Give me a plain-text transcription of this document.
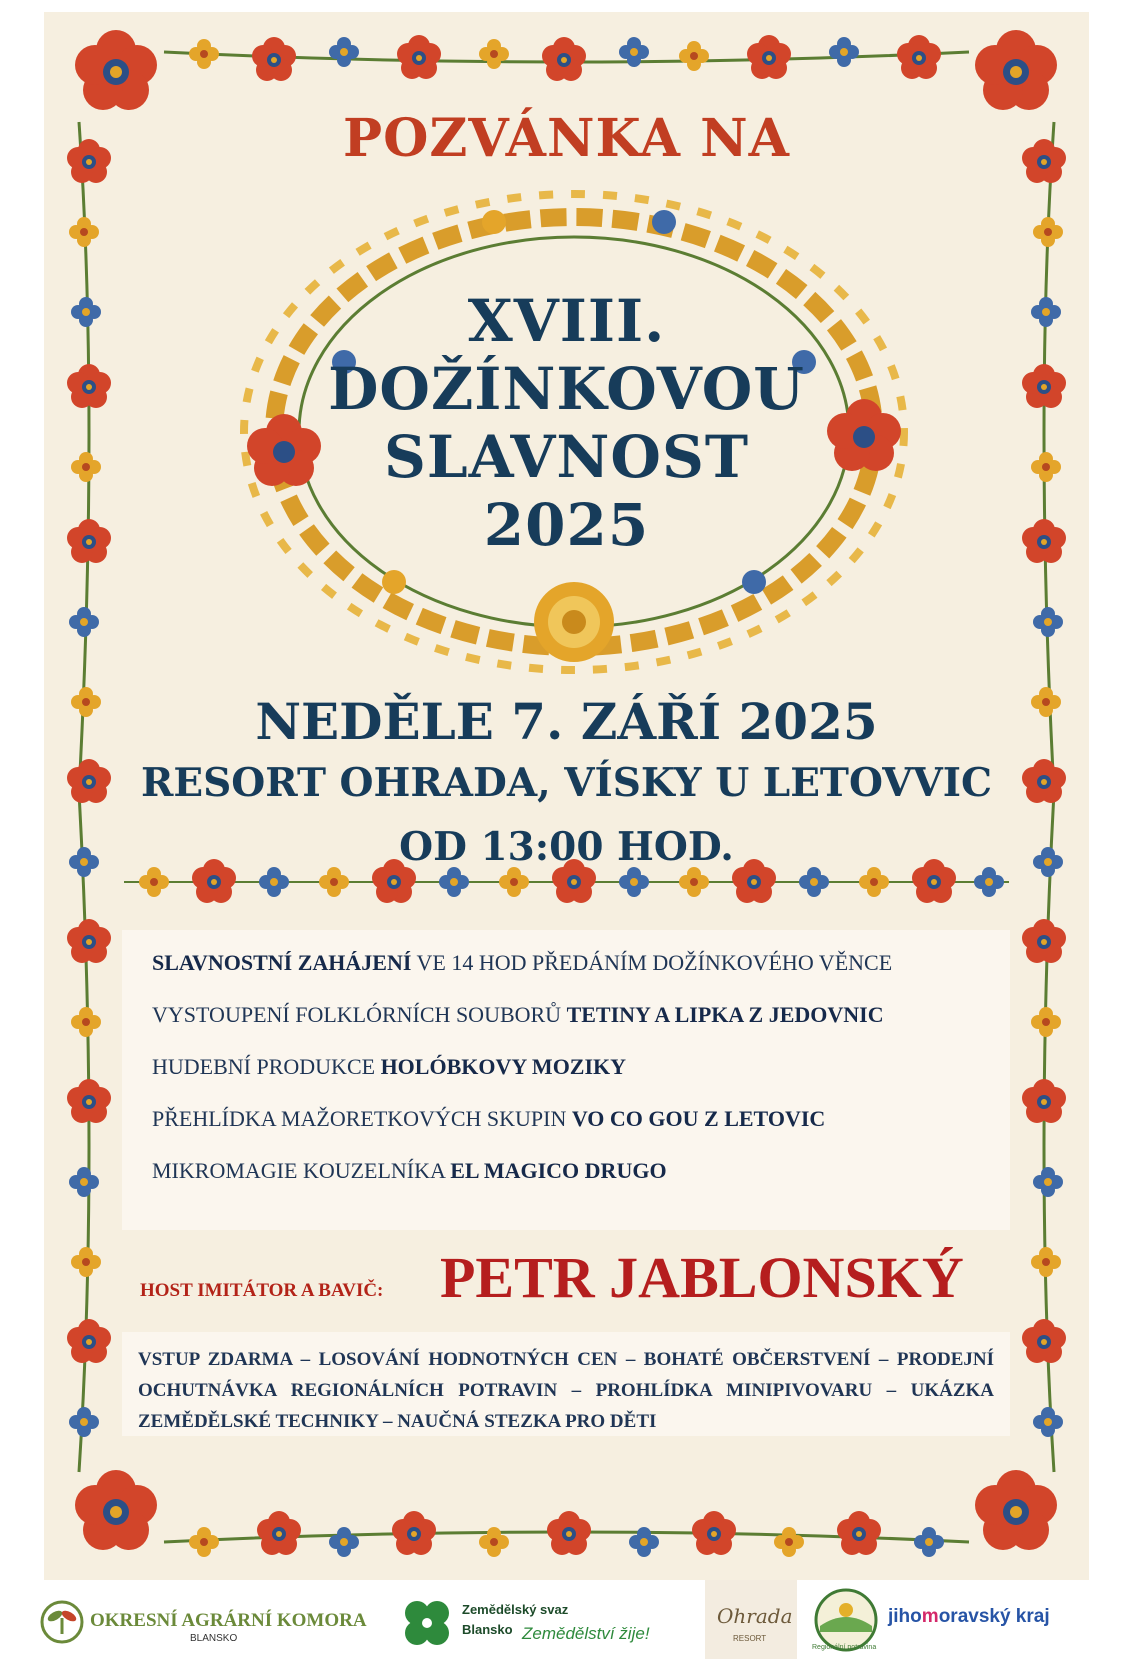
POZVÁNKA NA
XVIII.
DOŽÍNKOVOU
SLAVNOST
2025
NEDĚLE 7. ZÁŘÍ 2025
RESORT OHRADA, VÍSKY U LETOVVIC
OD 13:00 HOD.
SLAVNOSTNÍ ZAHÁJENÍ VE 14 HOD PŘEDÁNÍM DOŽÍNKOVÉHO VĚNCE
VYSTOUPENÍ FOLKLÓRNÍCH SOUBORŮ TETINY A LIPKA Z JEDOVNIC
HUDEBNÍ PRODUKCE HOLÓBKOVY MOZIKY
PŘEHLÍDKA MAŽORETKOVÝCH SKUPIN VO CO GOU Z LETOVIC
MIKROMAGIE KOUZELNÍKA EL MAGICO DRUGO
HOST IMITÁTOR A BAVIČ: PETR JABLONSKÝ
VSTUP ZDARMA – LOSOVÁNÍ HODNOTNÝCH CEN – BOHATÉ OBČERSTVENÍ – PRODEJNÍ OCHUTNÁVKA REGIONÁLNÍCH POTRAVIN – PROHLÍDKA MINIPIVOVARU – UKÁZKA ZEMĚDĚLSKÉ TECHNIKY – NAUČNÁ STEZKA PRO DĚTI
OKRESNÍ AGRÁRNÍ KOMORA
BLANSKO
Zemědělský svaz
Blansko Zemědělství žije!
Ohrada
RESORT
Regionální potravina
jihomoravský kraj
